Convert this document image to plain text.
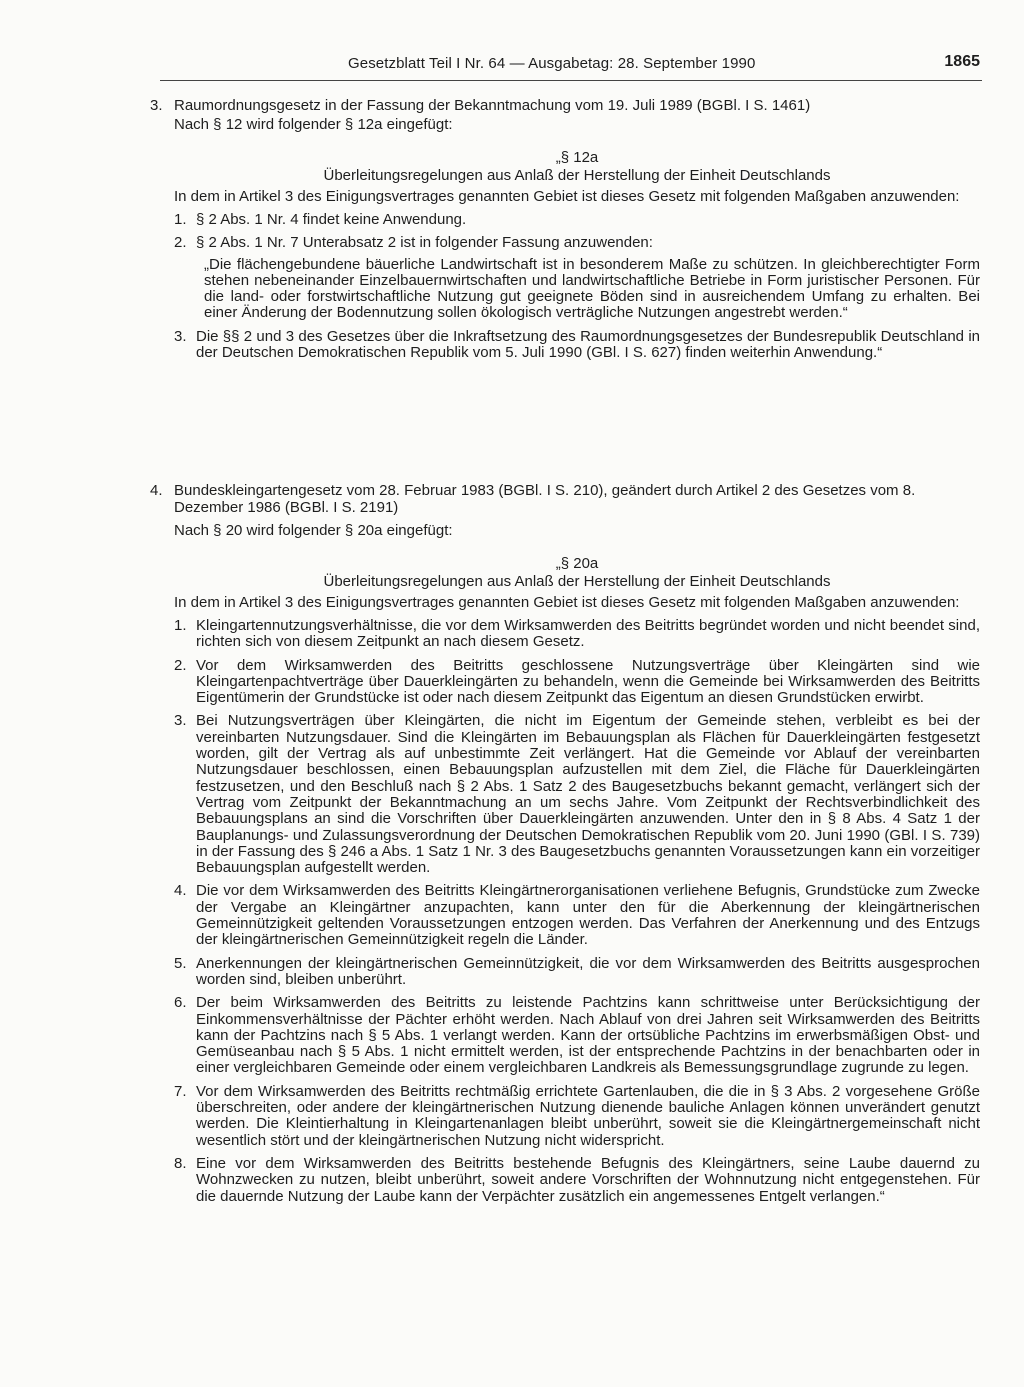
Gesetzblatt Teil I Nr. 64 — Ausgabetag: 28. September 1990	1865
3. Raumordnungsgesetz in der Fassung der Bekanntmachung vom 19. Juli 1989 (BGBl. I S. 1461)
Nach § 12 wird folgender § 12a eingefügt:
„§ 12a
Überleitungsregelungen aus Anlaß der Herstellung der Einheit Deutschlands
In dem in Artikel 3 des Einigungsvertrages genannten Gebiet ist dieses Gesetz mit folgenden Maßgaben anzuwenden:
1. § 2 Abs. 1 Nr. 4 findet keine Anwendung.
2. § 2 Abs. 1 Nr. 7 Unterabsatz 2 ist in folgender Fassung anzuwenden:
„Die flächengebundene bäuerliche Landwirtschaft ist in besonderem Maße zu schützen. In gleichberechtigter Form stehen nebeneinander Einzelbauernwirtschaften und landwirtschaftliche Betriebe in Form juristischer Personen. Für die land- oder forstwirtschaftliche Nutzung gut geeignete Böden sind in ausreichendem Umfang zu erhalten. Bei einer Änderung der Bodennutzung sollen ökologisch verträgliche Nutzungen angestrebt werden.“
3. Die §§ 2 und 3 des Gesetzes über die Inkraftsetzung des Raumordnungsgesetzes der Bundesrepublik Deutschland in der Deutschen Demokratischen Republik vom 5. Juli 1990 (GBl. I S. 627) finden weiterhin Anwendung.“
4. Bundeskleingartengesetz vom 28. Februar 1983 (BGBl. I S. 210), geändert durch Artikel 2 des Gesetzes vom 8. Dezember 1986 (BGBl. I S. 2191)
Nach § 20 wird folgender § 20a eingefügt:
„§ 20a
Überleitungsregelungen aus Anlaß der Herstellung der Einheit Deutschlands
In dem in Artikel 3 des Einigungsvertrages genannten Gebiet ist dieses Gesetz mit folgenden Maßgaben anzuwenden:
1. Kleingartennutzungsverhältnisse, die vor dem Wirksamwerden des Beitritts begründet worden und nicht beendet sind, richten sich von diesem Zeitpunkt an nach diesem Gesetz.
2. Vor dem Wirksamwerden des Beitritts geschlossene Nutzungsverträge über Kleingärten sind wie Kleingartenpachtverträge über Dauerkleingärten zu behandeln, wenn die Gemeinde bei Wirksamwerden des Beitritts Eigentümerin der Grundstücke ist oder nach diesem Zeitpunkt das Eigentum an diesen Grundstücken erwirbt.
3. Bei Nutzungsverträgen über Kleingärten, die nicht im Eigentum der Gemeinde stehen, verbleibt es bei der vereinbarten Nutzungsdauer. Sind die Kleingärten im Bebauungsplan als Flächen für Dauerkleingärten festgesetzt worden, gilt der Vertrag als auf unbestimmte Zeit verlängert. Hat die Gemeinde vor Ablauf der vereinbarten Nutzungsdauer beschlossen, einen Bebauungsplan aufzustellen mit dem Ziel, die Fläche für Dauerkleingärten festzusetzen, und den Beschluß nach § 2 Abs. 1 Satz 2 des Baugesetzbuchs bekannt gemacht, verlängert sich der Vertrag vom Zeitpunkt der Bekanntmachung an um sechs Jahre. Vom Zeitpunkt der Rechtsverbindlichkeit des Bebauungsplans an sind die Vorschriften über Dauerkleingärten anzuwenden. Unter den in § 8 Abs. 4 Satz 1 der Bauplanungs- und Zulassungsverordnung der Deutschen Demokratischen Republik vom 20. Juni 1990 (GBl. I S. 739) in der Fassung des § 246 a Abs. 1 Satz 1 Nr. 3 des Baugesetzbuchs genannten Voraussetzungen kann ein vorzeitiger Bebauungsplan aufgestellt werden.
4. Die vor dem Wirksamwerden des Beitritts Kleingärtnerorganisationen verliehene Befugnis, Grundstücke zum Zwecke der Vergabe an Kleingärtner anzupachten, kann unter den für die Aberkennung der kleingärtnerischen Gemeinnützigkeit geltenden Voraussetzungen entzogen werden. Das Verfahren der Anerkennung und des Entzugs der kleingärtnerischen Gemeinnützigkeit regeln die Länder.
5. Anerkennungen der kleingärtnerischen Gemeinnützigkeit, die vor dem Wirksamwerden des Beitritts ausgesprochen worden sind, bleiben unberührt.
6. Der beim Wirksamwerden des Beitritts zu leistende Pachtzins kann schrittweise unter Berücksichtigung der Einkommensverhältnisse der Pächter erhöht werden. Nach Ablauf von drei Jahren seit Wirksamwerden des Beitritts kann der Pachtzins nach § 5 Abs. 1 verlangt werden. Kann der ortsübliche Pachtzins im erwerbsmäßigen Obst- und Gemüseanbau nach § 5 Abs. 1 nicht ermittelt werden, ist der entsprechende Pachtzins in der benachbarten oder in einer vergleichbaren Gemeinde oder einem vergleichbaren Landkreis als Bemessungsgrundlage zugrunde zu legen.
7. Vor dem Wirksamwerden des Beitritts rechtmäßig errichtete Gartenlauben, die die in § 3 Abs. 2 vorgesehene Größe überschreiten, oder andere der kleingärtnerischen Nutzung dienende bauliche Anlagen können unverändert genutzt werden. Die Kleintierhaltung in Kleingartenanlagen bleibt unberührt, soweit sie die Kleingärtnergemeinschaft nicht wesentlich stört und der kleingärtnerischen Nutzung nicht widerspricht.
8. Eine vor dem Wirksamwerden des Beitritts bestehende Befugnis des Kleingärtners, seine Laube dauernd zu Wohnzwecken zu nutzen, bleibt unberührt, soweit andere Vorschriften der Wohnnutzung nicht entgegenstehen. Für die dauernde Nutzung der Laube kann der Verpächter zusätzlich ein angemessenes Entgelt verlangen.“
